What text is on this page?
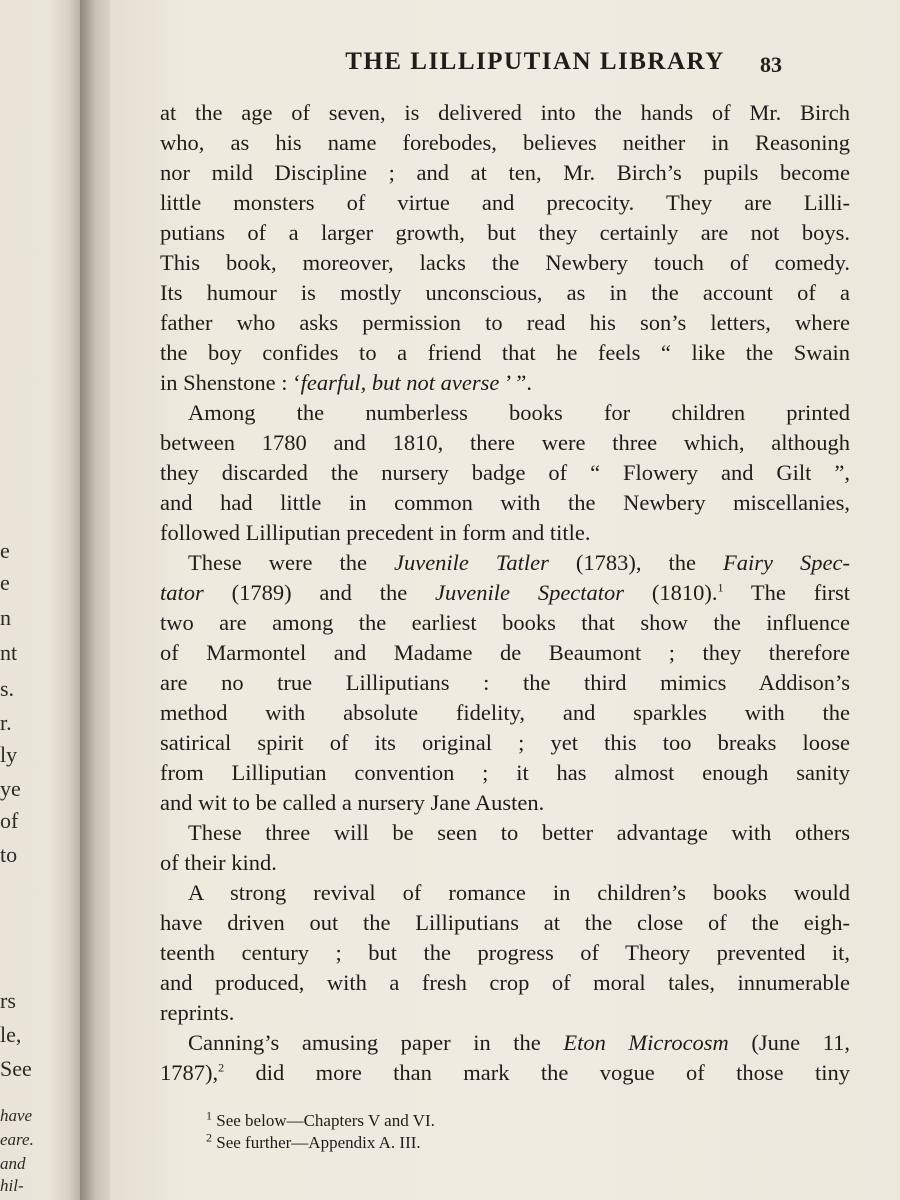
e
e
n
nt
s.
r.
ly
ye
of
to
rs
le,
See
have
eare.
and
hil-
THE LILLIPUTIAN LIBRARY	83
at the age of seven, is delivered into the hands of Mr. Birch
who, as his name forebodes, believes neither in Reasoning
nor mild Discipline ; and at ten, Mr. Birch’s pupils become
little monsters of virtue and precocity. They are Lilli-
putians of a larger growth, but they certainly are not boys.
This book, moreover, lacks the Newbery touch of comedy.
Its humour is mostly unconscious, as in the account of a
father who asks permission to read his son’s letters, where
the boy confides to a friend that he feels “ like the Swain
in Shenstone : ‘fearful, but not averse ’ ”.
Among the numberless books for children printed
between 1780 and 1810, there were three which, although
they discarded the nursery badge of “ Flowery and Gilt ”,
and had little in common with the Newbery miscellanies,
followed Lilliputian precedent in form and title.
These were the Juvenile Tatler (1783), the Fairy Spec-
tator (1789) and the Juvenile Spectator (1810).$^1$ The first
two are among the earliest books that show the influence
of Marmontel and Madame de Beaumont ; they therefore
are no true Lilliputians : the third mimics Addison’s
method with absolute fidelity, and sparkles with the
satirical spirit of its original ; yet this too breaks loose
from Lilliputian convention ; it has almost enough sanity
and wit to be called a nursery Jane Austen.
These three will be seen to better advantage with others
of their kind.
A strong revival of romance in children’s books would
have driven out the Lilliputians at the close of the eigh-
teenth century ; but the progress of Theory prevented it,
and produced, with a fresh crop of moral tales, innumerable
reprints.
Canning’s amusing paper in the Eton Microcosm (June 11,
1787),$^2$ did more than mark the vogue of those tiny
$^1$ See below—Chapters V and VI.
$^2$ See further—Appendix A. III.
